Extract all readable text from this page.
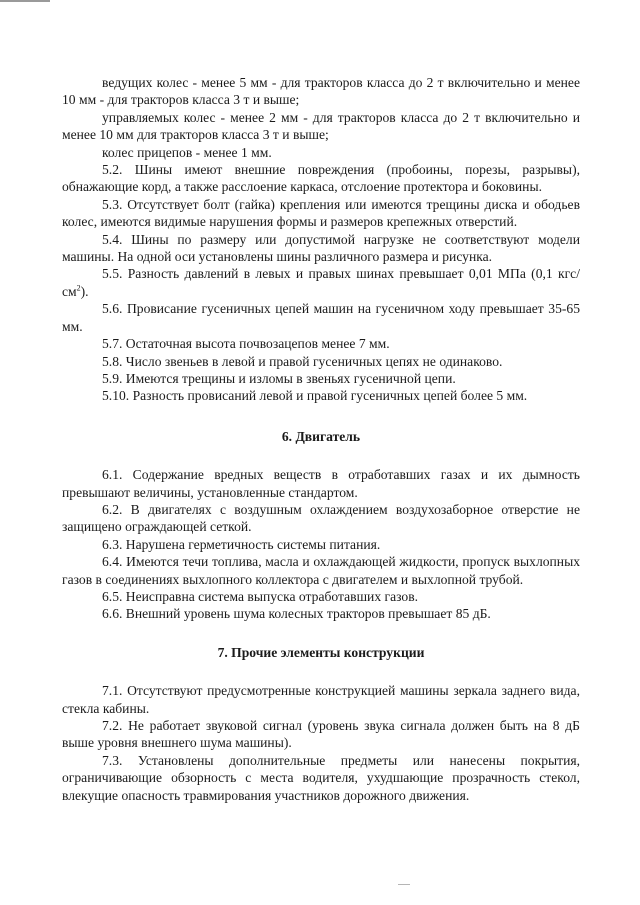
ведущих колес - менее 5 мм - для тракторов класса до 2 т включительно и менее 10 мм - для тракторов класса 3 т и выше;

управляемых колес - менее 2 мм - для тракторов класса до 2 т включительно и менее 10 мм для тракторов класса 3 т и выше;

колес прицепов - менее 1 мм.

5.2. Шины имеют внешние повреждения (пробоины, порезы, разрывы), обнажающие корд, а также расслоение каркаса, отслоение протектора и боковины.

5.3. Отсутствует болт (гайка) крепления или имеются трещины диска и ободьев колес, имеются видимые нарушения формы и размеров крепежных отверстий.

5.4. Шины по размеру или допустимой нагрузке не соответствуют модели машины. На одной оси установлены шины различного размера и рисунка.

5.5. Разность давлений в левых и правых шинах превышает 0,01 МПа (0,1 кгс/$см^2$).

5.6. Провисание гусеничных цепей машин на гусеничном ходу превышает 35-65 мм.

5.7. Остаточная высота почвозацепов менее 7 мм.

5.8. Число звеньев в левой и правой гусеничных цепях не одинаково.

5.9. Имеются трещины и изломы в звеньях гусеничной цепи.

5.10. Разность провисаний левой и правой гусеничных цепей более 5 мм.

6. Двигатель

6.1. Содержание вредных веществ в отработавших газах и их дымность превышают величины, установленные стандартом.

6.2. В двигателях с воздушным охлаждением воздухозаборное отверстие не защищено ограждающей сеткой.

6.3. Нарушена герметичность системы питания.

6.4. Имеются течи топлива, масла и охлаждающей жидкости, пропуск выхлопных газов в соединениях выхлопного коллектора с двигателем и выхлопной трубой.

6.5. Неисправна система выпуска отработавших газов.

6.6. Внешний уровень шума колесных тракторов превышает 85 дБ.

7. Прочие элементы конструкции

7.1. Отсутствуют предусмотренные конструкцией машины зеркала заднего вида, стекла кабины.

7.2. Не работает звуковой сигнал (уровень звука сигнала должен быть на 8 дБ выше уровня внешнего шума машины).

7.3. Установлены дополнительные предметы или нанесены покрытия, ограничивающие обзорность с места водителя, ухудшающие прозрачность стекол, влекущие опасность травмирования участников дорожного движения.
